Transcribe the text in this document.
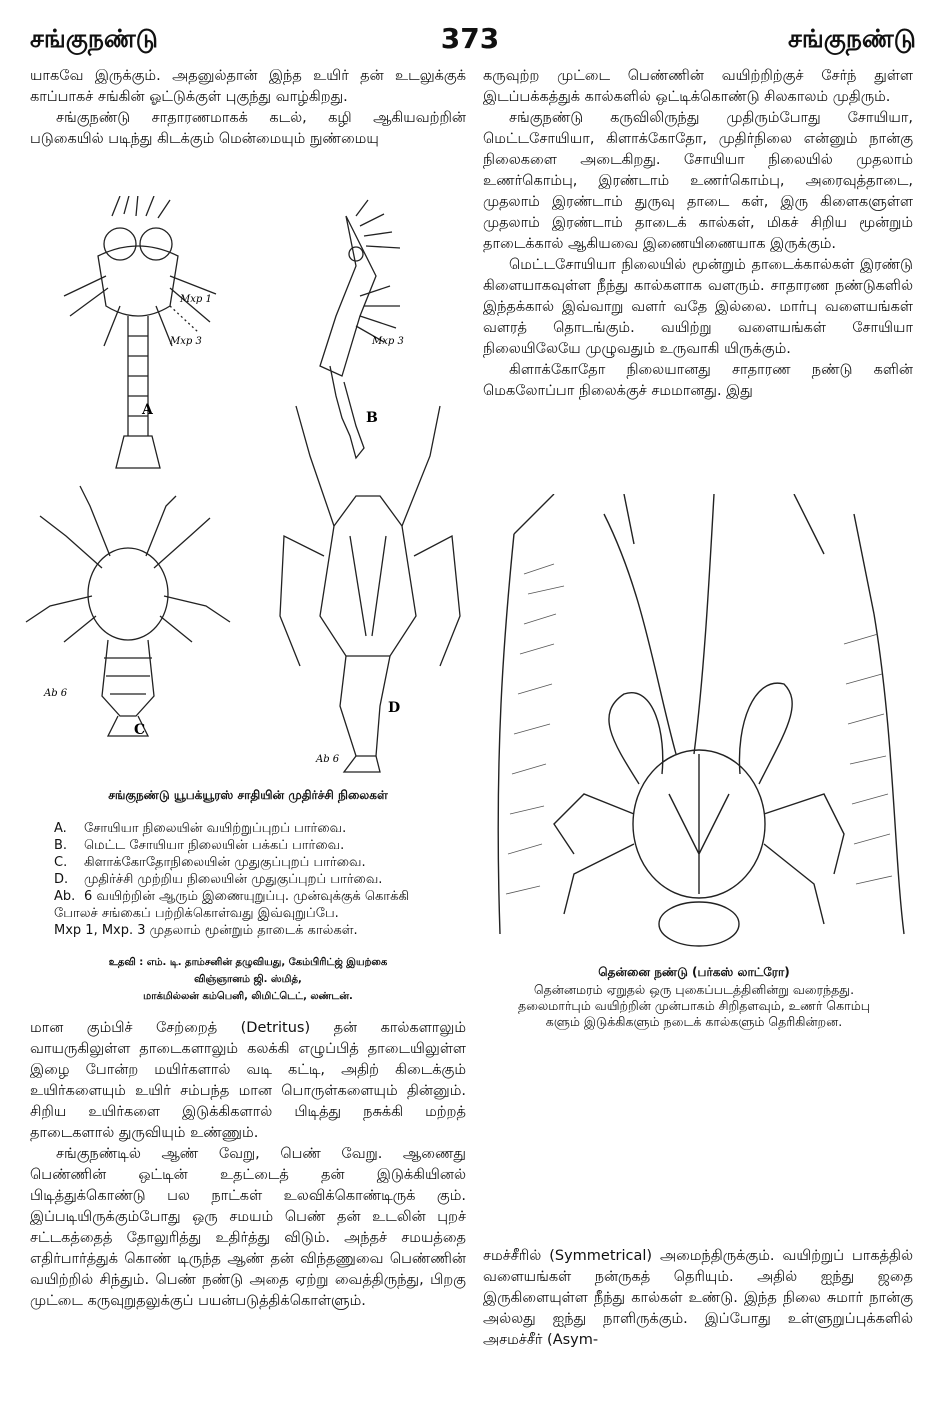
சங்குநண்டு	373	சங்குநண்டு

யாகவே இருக்கும். அதனுல்தான் இந்த உயிர் தன் உடலுக்குக் காப்பாகச் சங்கின் ஓட்டுக்குள் புகுந்து வாழ்கிறது.

சங்குநண்டு சாதாரணமாகக் கடல், கழி ஆகியவற்றின் படுகையில் படிந்து கிடக்கும் மென்மையும் நுண்மையு

A	B
C
D
Mxp 1
Mxp 3	Mxp 3
Ab 6
Ab 6
சங்குநண்டு யூபக்யூரஸ் சாதியின் முதிர்ச்சி நிலைகள்
A. சோயியா நிலையின் வயிற்றுப்புறப் பார்வை.
B. மெட்ட சோயியா நிலையின் பக்கப் பார்வை.
C. கிளாக்கோதோநிலையின் முதுகுப்புறப் பார்வை.
D. முதிர்ச்சி முற்றிய நிலையின் முதுகுப்புறப் பார்வை.
Ab. 6 வயிற்றின் ஆரும் இணையுறுப்பு. முன்வுக்குக் கொக்கி போலச் சங்கைப் பற்றிக்கொள்வது இவ்வுறுப்பே.
Mxp 1, Mxp. 3 முதலாம் மூன்றும் தாடைக் கால்கள்.
உதவி : எம். டி. தாம்சனின் தழுவியது, கேம்பிரிட்ஜ் இயற்கை
விஞ்ஞானம் ஜி. ஸ்மித்,
மாக்மில்லன் கம்பெனி, லிமிட்டெட், லண்டன்.

மான கும்பிச் சேற்றைத் (Detritus) தன் கால்களாலும் வாயருகிலுள்ள தாடைகளாலும் கலக்கி எழுப்பித் தாடையிலுள்ள இழை போன்ற மயிர்களால் வடி கட்டி, அதிற் கிடைக்கும் உயிர்களையும் உயிர் சம்பந்த மான பொருள்களையும் தின்னும். சிறிய உயிர்களை இடுக்கிகளால் பிடித்து நசுக்கி மற்றத் தாடைகளால் துருவியும் உண்ணும்.

சங்குநண்டில் ஆண் வேறு, பெண் வேறு. ஆணைது பெண்ணின் ஒட்டின் உதட்டைத் தன் இடுக்கியினல் பிடித்துக்கொண்டு பல நாட்கள் உலவிக்கொண்டிருக் கும். இப்படியிருக்கும்போது ஒரு சமயம் பெண் தன் உடலின் புறச் சட்டகத்தைத் தோலுரித்து உதிர்த்து விடும். அந்தச் சமயத்தை எதிர்பார்த்துக் கொண் டிருந்த ஆண் தன் விந்தணுவை பெண்ணின் வயிற்றில் சிந்தும். பெண் நண்டு அதை ஏற்று வைத்திருந்து, பிறகு முட்டை கருவுறுதலுக்குப் பயன்படுத்திக்கொள்ளும்.

கருவுற்ற முட்டை பெண்ணின் வயிற்றிற்குச் சேர்ந் துள்ள இடப்பக்கத்துக் கால்களில் ஒட்டிக்கொண்டு சிலகாலம் முதிரும்.

சங்குநண்டு கருவிலிருந்து முதிரும்போது சோயியா, மெட்டசோயியா, கிளாக்கோதோ, முதிர்நிலை என்னும் நான்கு நிலைகளை அடைகிறது. சோயியா நிலையில் முதலாம் உணர்கொம்பு, இரண்டாம் உணர்கொம்பு, அரைவுத்தாடை, முதலாம் இரண்டாம் துருவு தாடை கள், இரு கிளைகளுள்ள முதலாம் இரண்டாம் தாடைக் கால்கள், மிகச் சிறிய மூன்றும் தாடைக்கால் ஆகியவை இணையிணையாக இருக்கும்.

மெட்டசோயியா நிலையில் மூன்றும் தாடைக்கால்கள் இரண்டு கிளையாகவுள்ள நீந்து கால்களாக வளரும். சாதாரண நண்டுகளில் இந்தக்கால் இவ்வாறு வளர் வதே இல்லை. மார்பு வளையங்கள் வளரத் தொடங்கும். வயிற்று வளையங்கள் சோயியா நிலையிலேயே முழுவதும் உருவாகி யிருக்கும்.

கிளாக்கோதோ நிலையானது சாதாரண நண்டு களின் மெகலோப்பா நிலைக்குச் சமமானது. இது

தென்னை நண்டு (பர்கஸ் லாட்ரோ)
தென்னமரம் ஏறுதல் ஒரு புகைப்படத்தினின்று வரைந்தது.
தலைமார்பும் வயிற்றின் முன்பாகம் சிறிதளவும், உணர் கொம்பு
களும் இடுக்கிகளும் நடைக் கால்களும் தெரிகின்றன.

சமச்சீரில் (Symmetrical) அமைந்திருக்கும். வயிற்றுப் பாகத்தில் வளையங்கள் நன்ருகத் தெரியும். அதில் ஐந்து ஜதை இருகிளையுள்ள நீந்து கால்கள் உண்டு. இந்த நிலை சுமார் நான்கு அல்லது ஐந்து நாளிருக்கும். இப்போது உள்ளுறுப்புக்களில் அசமச்சீர் (Asym-
